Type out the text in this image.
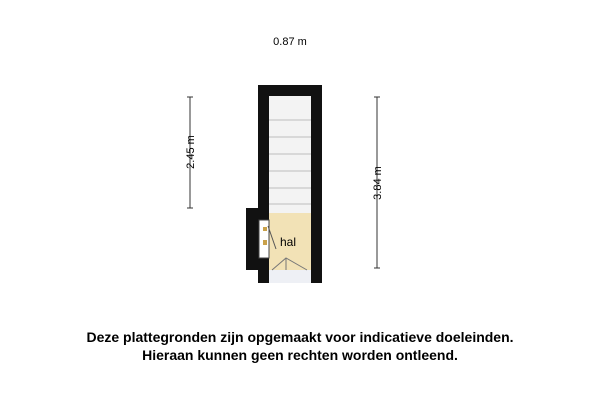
0.87 m
2.45 m
3.84 m
hal
Deze plattegronden zijn opgemaakt voor indicatieve doeleinden.
Hieraan kunnen geen rechten worden ontleend.
